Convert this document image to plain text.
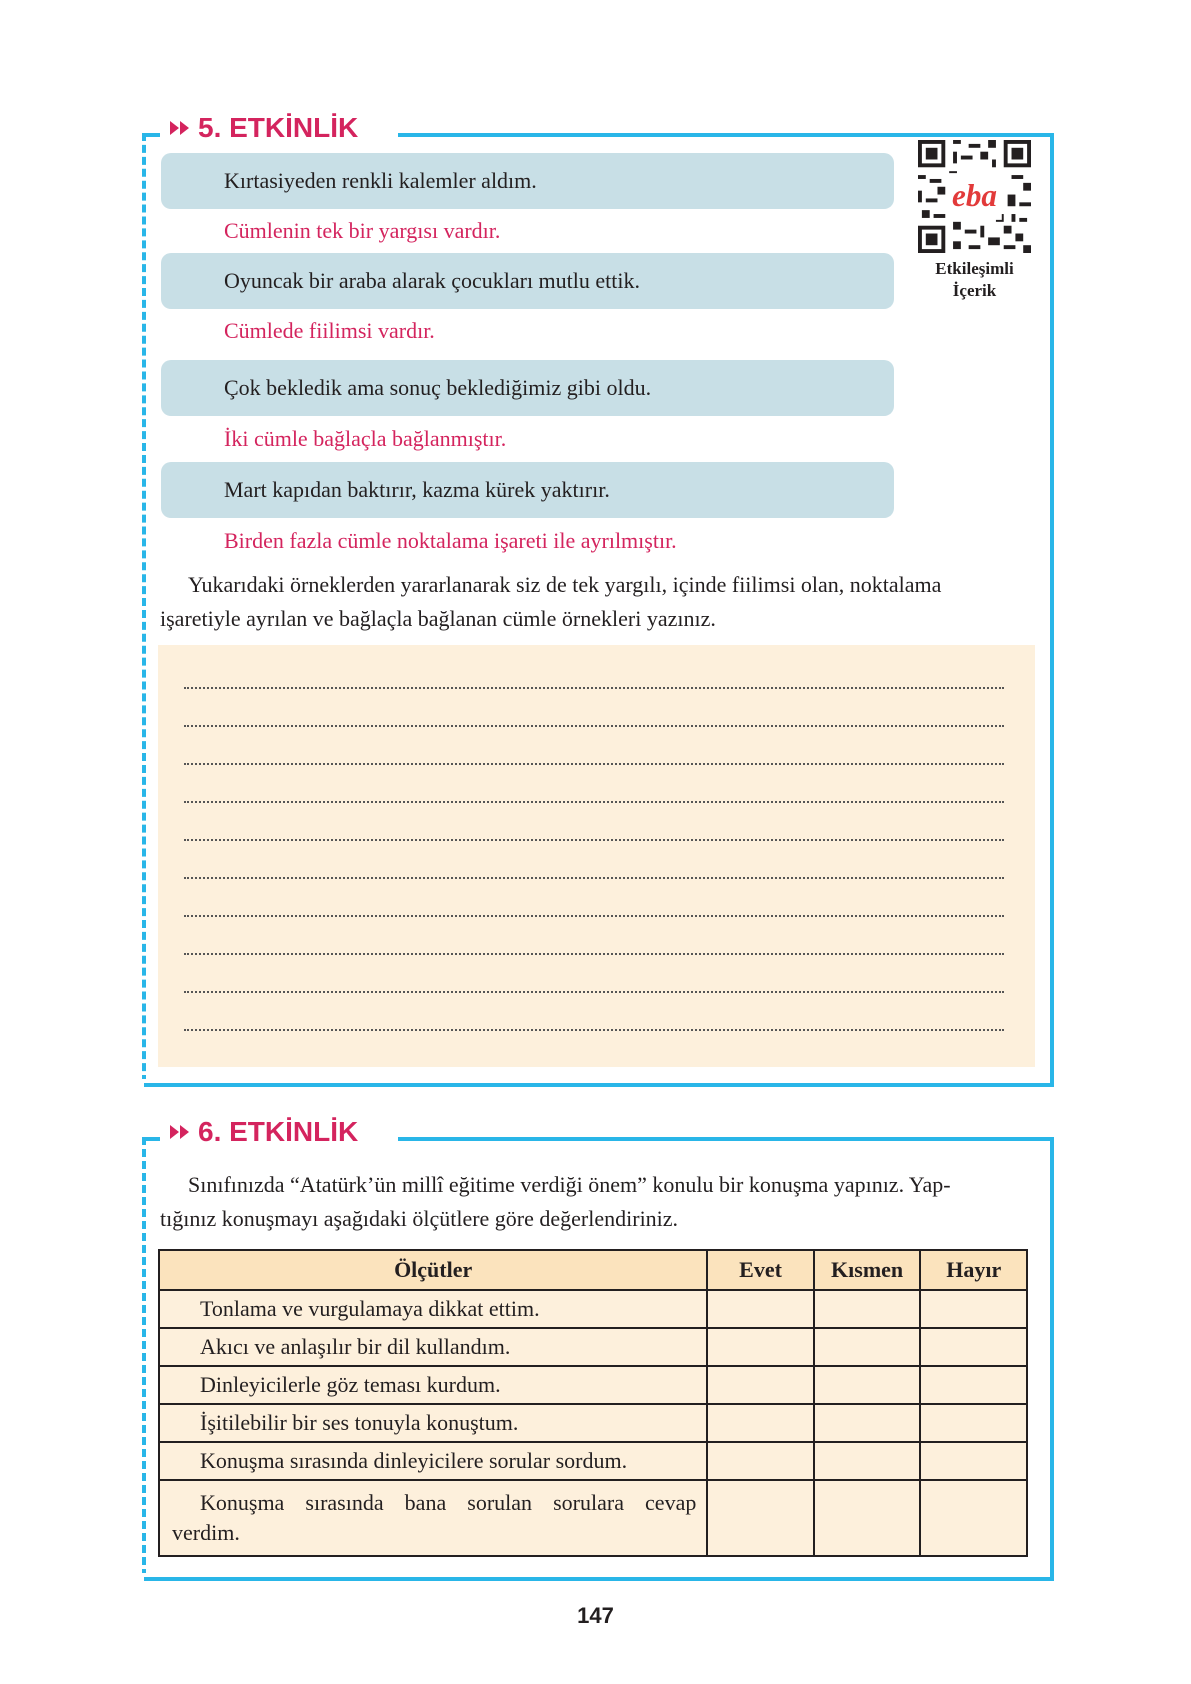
5. ETKİNLİK
eba
Etkileşimli
İçerik
Kırtasiyeden renkli kalemler aldım.
Cümlenin tek bir yargısı vardır.
Oyuncak bir araba alarak çocukları mutlu ettik.
Cümlede fiilimsi vardır.
Çok bekledik ama sonuç beklediğimiz gibi oldu.
İki cümle bağlaçla bağlanmıştır.
Mart kapıdan baktırır, kazma kürek yaktırır.
Birden fazla cümle noktalama işareti ile ayrılmıştır.
Yukarıdaki örneklerden yararlanarak siz de tek yargılı, içinde fiilimsi olan, noktalama
işaretiyle ayrılan ve bağlaçla bağlanan cümle örnekleri yazınız.
6. ETKİNLİK
Sınıfınızda “Atatürk’ün millî eğitime verdiği önem” konulu bir konuşma yapınız. Yap-
tığınız konuşmayı aşağıdaki ölçütlere göre değerlendiriniz.
Ölçütler	Evet	Kısmen	Hayır
Tonlama ve vurgulamaya dikkat ettim.			
Akıcı ve anlaşılır bir dil kullandım.			
Dinleyicilerle göz teması kurdum.			
İşitilebilir bir ses tonuyla konuştum.			
Konuşma sırasında dinleyicilere sorular sordum.			

Konuşma sırasında bana sorulan sorulara cevap
verdim.			

147
